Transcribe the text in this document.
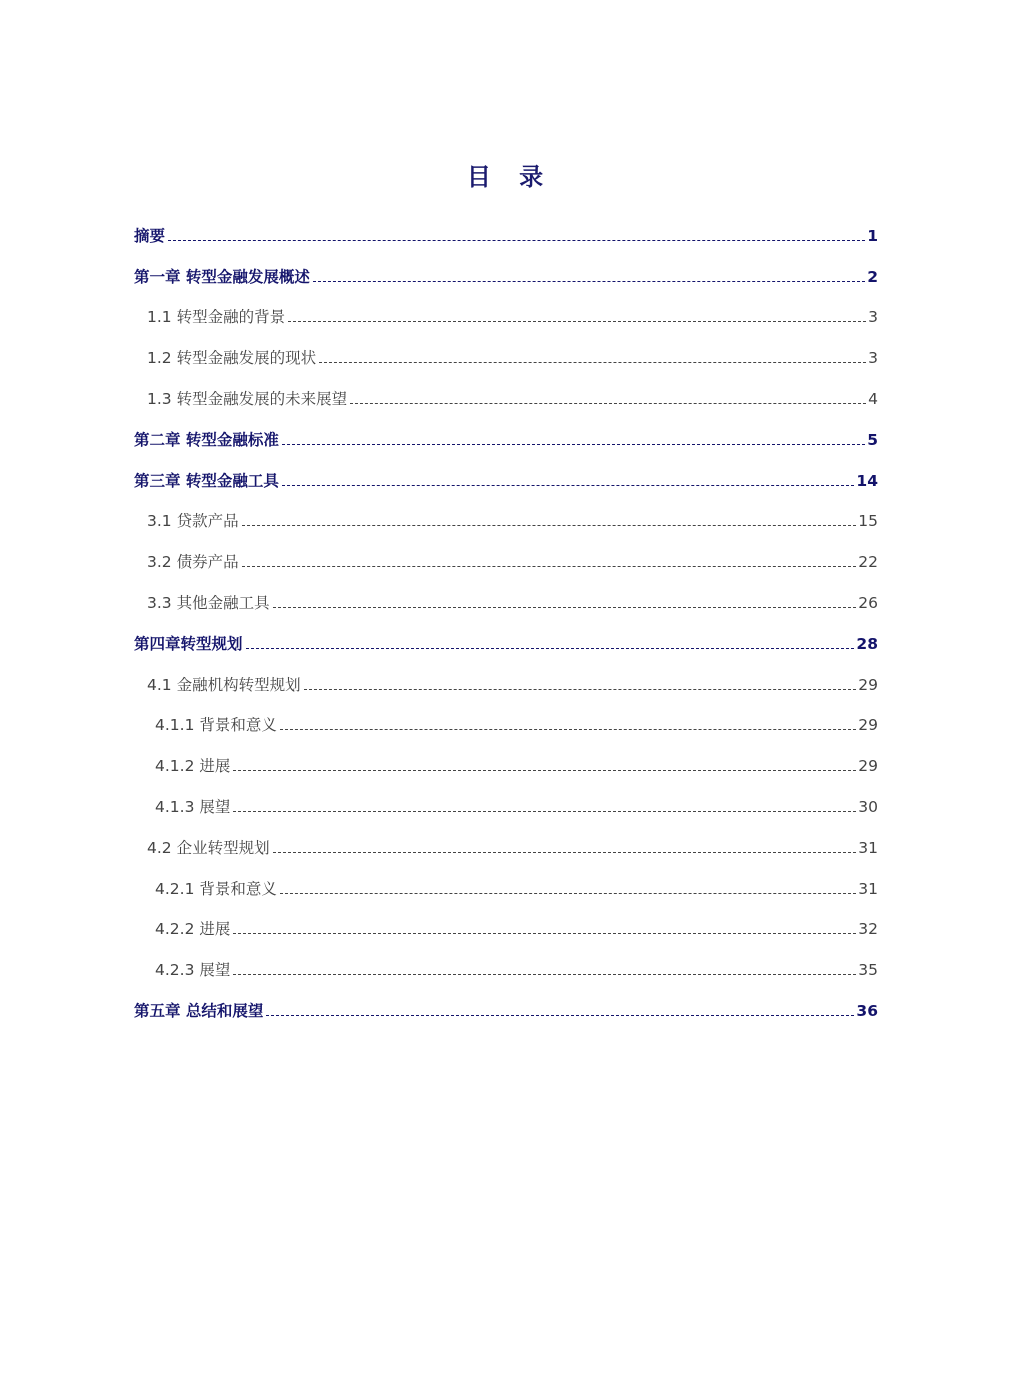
目 录
摘要	1
第一章 转型金融发展概述	2
1.1 转型金融的背景	3
1.2 转型金融发展的现状	3
1.3 转型金融发展的未来展望	4
第二章 转型金融标准	5
第三章 转型金融工具	14
3.1 贷款产品	15
3.2 债券产品	22
3.3 其他金融工具	26
第四章转型规划	28
4.1 金融机构转型规划	29
4.1.1 背景和意义	29
4.1.2 进展	29
4.1.3 展望	30
4.2 企业转型规划	31
4.2.1 背景和意义	31
4.2.2 进展	32
4.2.3 展望	35
第五章 总结和展望	36
